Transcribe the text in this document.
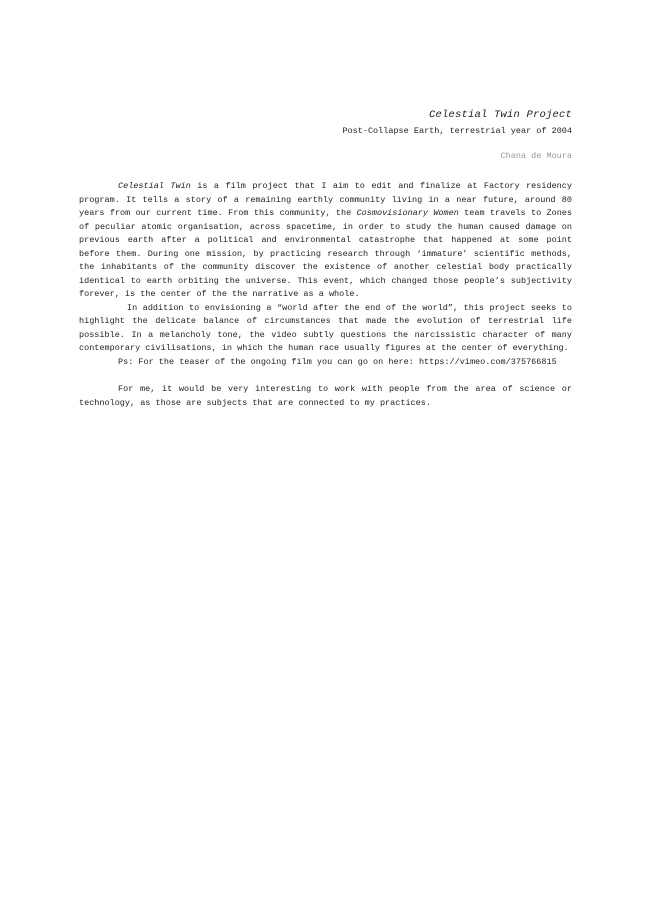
Celestial Twin Project

Post-Collapse Earth, terrestrial year of 2004

Chana de Moura

Celestial Twin is a film project that I aim to edit and finalize at Factory residency program. It tells a story of a remaining earthly community living in a near future, around 80 years from our current time. From this community, the Cosmovisionary Women team travels to Zones of peculiar atomic organisation, across spacetime, in order to study the human caused damage on previous earth after a political and environmental catastrophe that happened at some point before them. During one mission, by practicing research through ‘immature’ scientific methods, the inhabitants of the community discover the existence of another celestial body practically identical to earth orbiting the universe. This event, which changed those people’s subjectivity forever, is the center of the the narrative as a whole.

In addition to envisioning a “world after the end of the world”, this project seeks to highlight the delicate balance of circumstances that made the evolution of terrestrial life possible. In a melancholy tone, the video subtly questions the narcissistic character of many contemporary civilisations, in which the human race usually figures at the center of everything.

Ps: For the teaser of the ongoing film you can go on here: https://vimeo.com/375766815

For me, it would be very interesting to work with people from the area of science or technology, as those are subjects that are connected to my practices.
